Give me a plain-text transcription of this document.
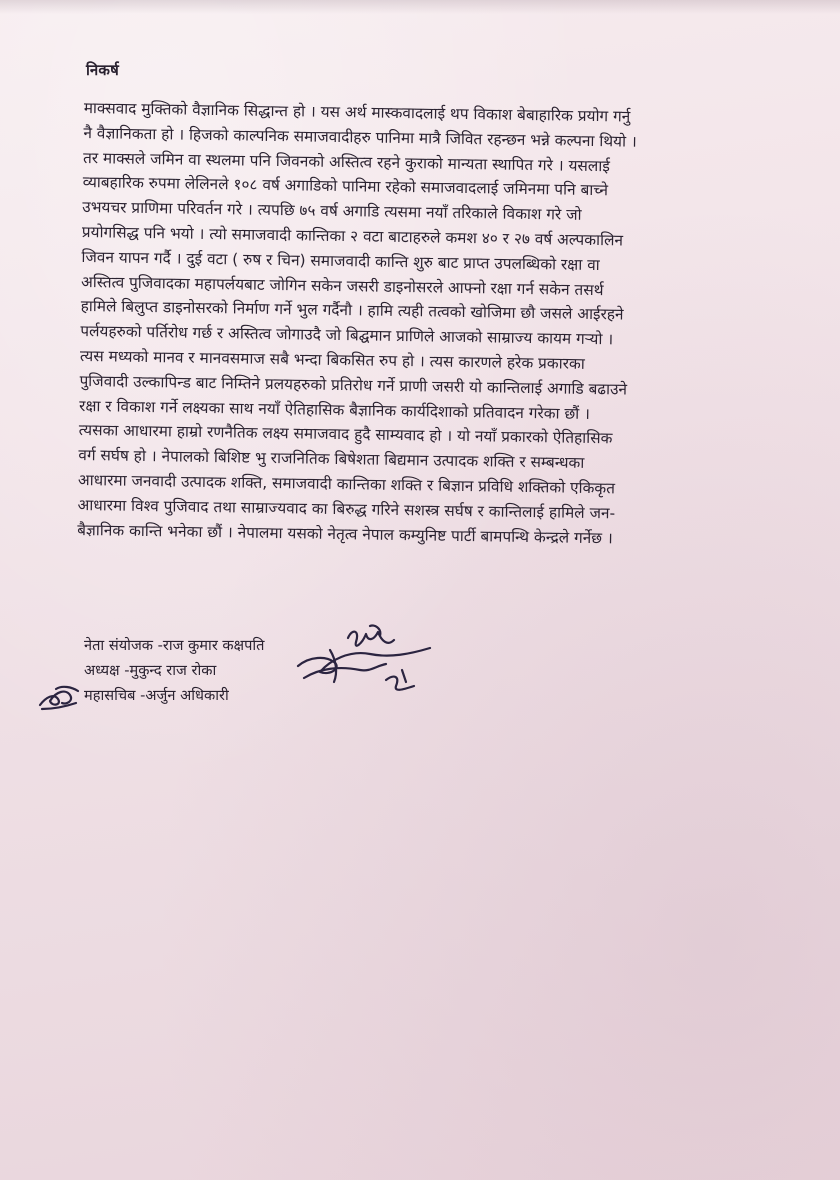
निकर्ष
माक्सवाद मुक्तिको वैज्ञानिक सिद्धान्त हो । यस अर्थ मास्कवादलाई थप विकाश बेबाहारिक प्रयोग गर्नु
नै वैज्ञानिकता हो । हिजको काल्पनिक समाजवादीहरु पानिमा मात्रै जिवित रहन्छन भन्ने कल्पना थियो ।
तर माक्सले जमिन वा स्थलमा पनि जिवनको अस्तित्व रहने कुराको मान्यता स्थापित गरे । यसलाई
व्याबहारिक रुपमा लेलिनले १०८ वर्ष अगाडिको पानिमा रहेको समाजवादलाई जमिनमा पनि बाच्ने
उभयचर प्राणिमा परिवर्तन गरे । त्यपछि ७५ वर्ष अगाडि त्यसमा नयाँ तरिकाले विकाश गरे जो
प्रयोगसिद्ध पनि भयो । त्यो समाजवादी कान्तिका २ वटा बाटाहरुले कमश ४० र २७ वर्ष अल्पकालिन
जिवन यापन गर्दै । दुई वटा ( रुष र चिन) समाजवादी कान्ति शुरु बाट प्राप्त उपलब्धिको रक्षा वा
अस्तित्व पुजिवादका महापर्लयबाट जोगिन सकेन जसरी डाइनोसरले आफ्नो रक्षा गर्न सकेन तसर्थ
हामिले बिलुप्त डाइनोसरको निर्माण गर्ने भुल गर्दैनौ । हामि त्यही तत्वको खोजिमा छौ जसले आईरहने
पर्लयहरुको पर्तिरोध गर्छ र अस्तित्व जोगाउदै जो बिद्घमान प्राणिले आजको साम्राज्य कायम गऱ्यो ।
त्यस मध्यको मानव र मानवसमाज सबै भन्दा बिकसित रुप हो । त्यस कारणले हरेक प्रकारका
पुजिवादी उल्कापिन्ड बाट निम्तिने प्रलयहरुको प्रतिरोध गर्ने प्राणी जसरी यो कान्तिलाई अगाडि बढाउने
रक्षा र विकाश गर्ने लक्ष्यका साथ नयाँ ऐतिहासिक बैज्ञानिक कार्यदिशाको प्रतिवादन गरेका छौं ।
त्यसका आधारमा हाम्रो रणनैतिक लक्ष्य समाजवाद हुदै साम्यवाद हो । यो नयाँ प्रकारको ऐतिहासिक
वर्ग सर्घष हो । नेपालको बिशिष्ट भु राजनितिक बिषेशता बिद्यमान उत्पादक शक्ति र सम्बन्धका
आधारमा जनवादी उत्पादक शक्ति, समाजवादी कान्तिका शक्ति र बिज्ञान प्रविधि शक्तिको एकिकृत
आधारमा विश्व पुजिवाद तथा साम्राज्यवाद का बिरुद्ध गरिने सशस्त्र सर्घष र कान्तिलाई हामिले जन-
बैज्ञानिक कान्ति भनेका छौं । नेपालमा यसको नेतृत्व नेपाल कम्युनिष्ट पार्टी बामपन्थि केन्द्रले गर्नेछ ।
नेता संयोजक -राज कुमार कक्षपति
अध्यक्ष -मुकुन्द राज रोका
महासचिब -अर्जुन अधिकारी
